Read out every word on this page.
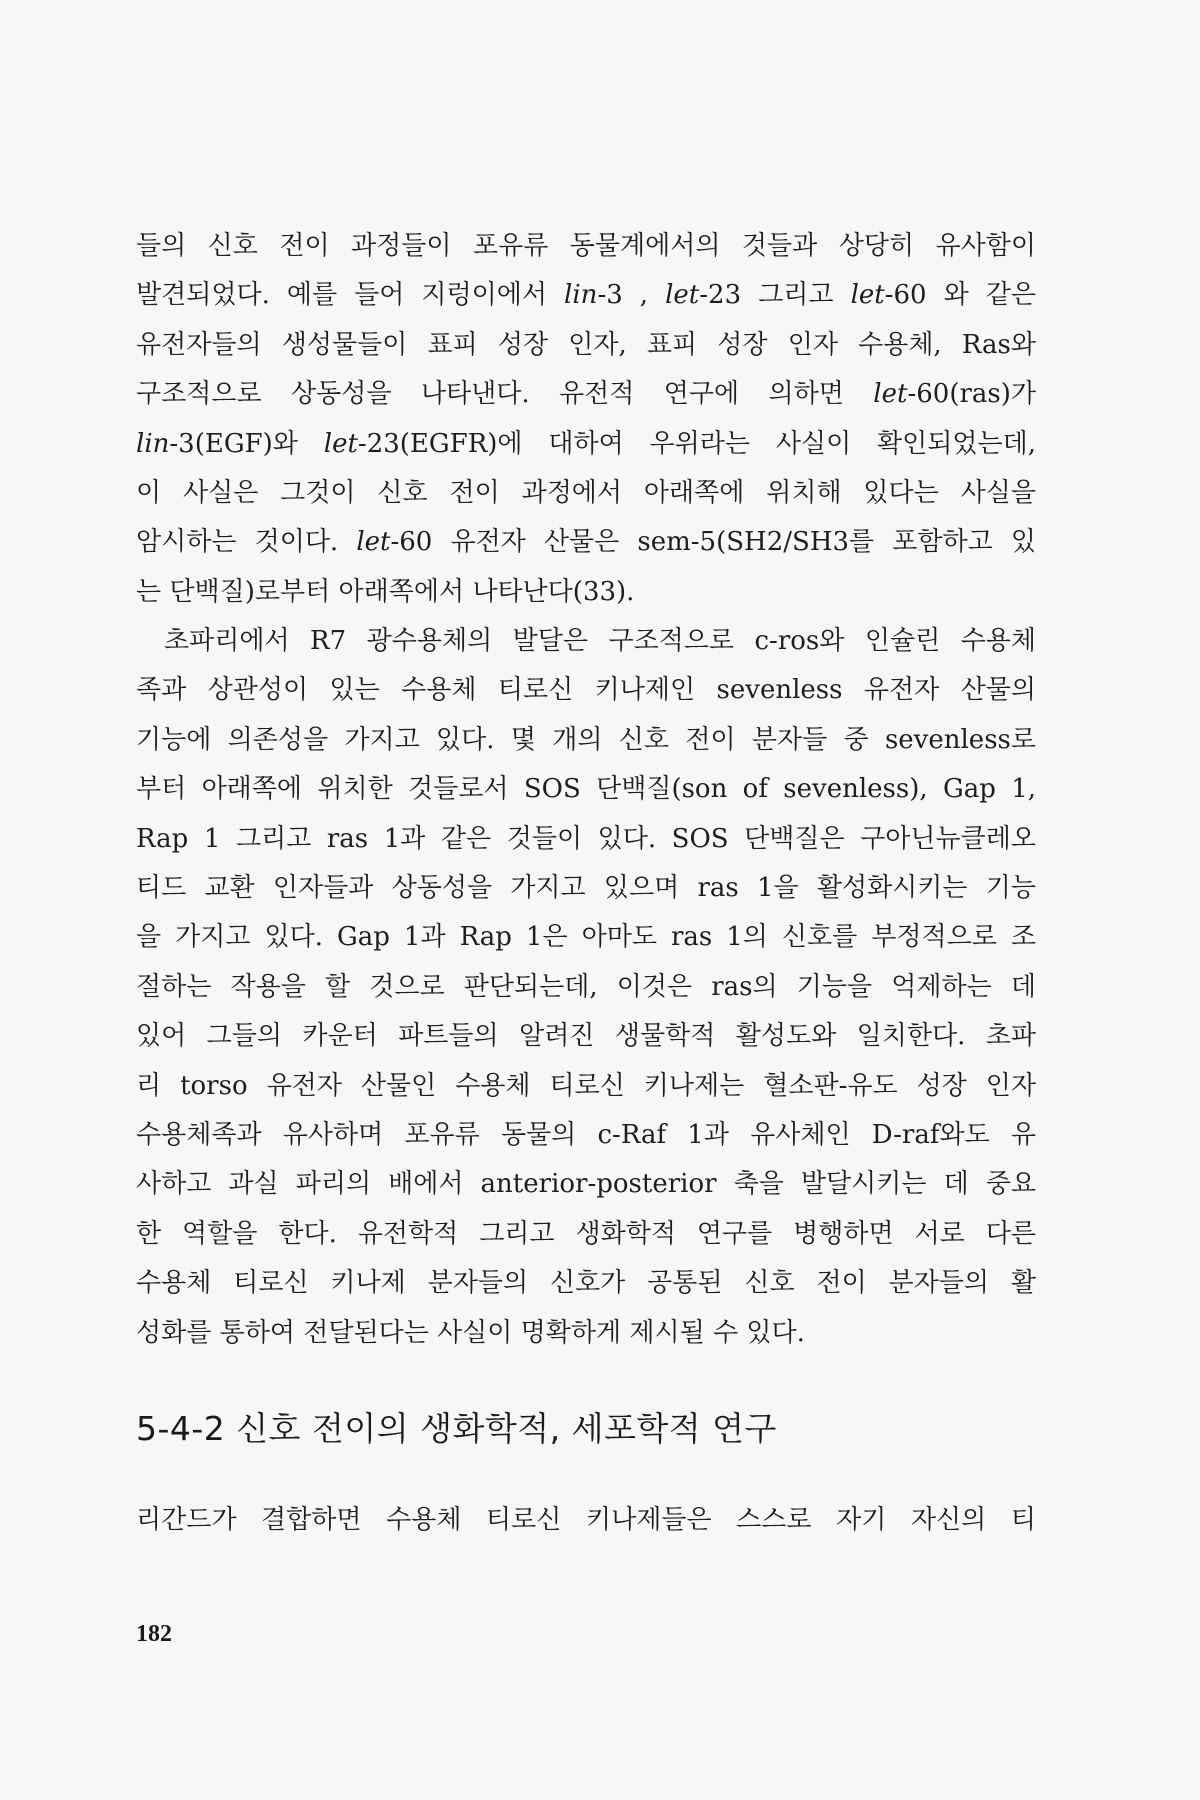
들의 신호 전이 과정들이 포유류 동물계에서의 것들과 상당히 유사함이
발견되었다. 예를 들어 지렁이에서 lin-3 , let-23 그리고 let-60 와 같은
유전자들의 생성물들이 표피 성장 인자, 표피 성장 인자 수용체, Ras와
구조적으로 상동성을 나타낸다. 유전적 연구에 의하면 let-60(ras)가
lin-3(EGF)와 let-23(EGFR)에 대하여 우위라는 사실이 확인되었는데,
이 사실은 그것이 신호 전이 과정에서 아래쪽에 위치해 있다는 사실을
암시하는 것이다. let-60 유전자 산물은 sem-5(SH2/SH3를 포함하고 있
는 단백질)로부터 아래쪽에서 나타난다(33).
초파리에서 R7 광수용체의 발달은 구조적으로 c-ros와 인슐린 수용체
족과 상관성이 있는 수용체 티로신 키나제인 sevenless 유전자 산물의
기능에 의존성을 가지고 있다. 몇 개의 신호 전이 분자들 중 sevenless로
부터 아래쪽에 위치한 것들로서 SOS 단백질(son of sevenless), Gap 1,
Rap 1 그리고 ras 1과 같은 것들이 있다. SOS 단백질은 구아닌뉴클레오
티드 교환 인자들과 상동성을 가지고 있으며 ras 1을 활성화시키는 기능
을 가지고 있다. Gap 1과 Rap 1은 아마도 ras 1의 신호를 부정적으로 조
절하는 작용을 할 것으로 판단되는데, 이것은 ras의 기능을 억제하는 데
있어 그들의 카운터 파트들의 알려진 생물학적 활성도와 일치한다. 초파
리 torso 유전자 산물인 수용체 티로신 키나제는 혈소판-유도 성장 인자
수용체족과 유사하며 포유류 동물의 c-Raf 1과 유사체인 D-raf와도 유
사하고 과실 파리의 배에서 anterior-posterior 축을 발달시키는 데 중요
한 역할을 한다. 유전학적 그리고 생화학적 연구를 병행하면 서로 다른
수용체 티로신 키나제 분자들의 신호가 공통된 신호 전이 분자들의 활
성화를 통하여 전달된다는 사실이 명확하게 제시될 수 있다.
5-4-2 신호 전이의 생화학적, 세포학적 연구
리간드가 결합하면 수용체 티로신 키나제들은 스스로 자기 자신의 티
182
